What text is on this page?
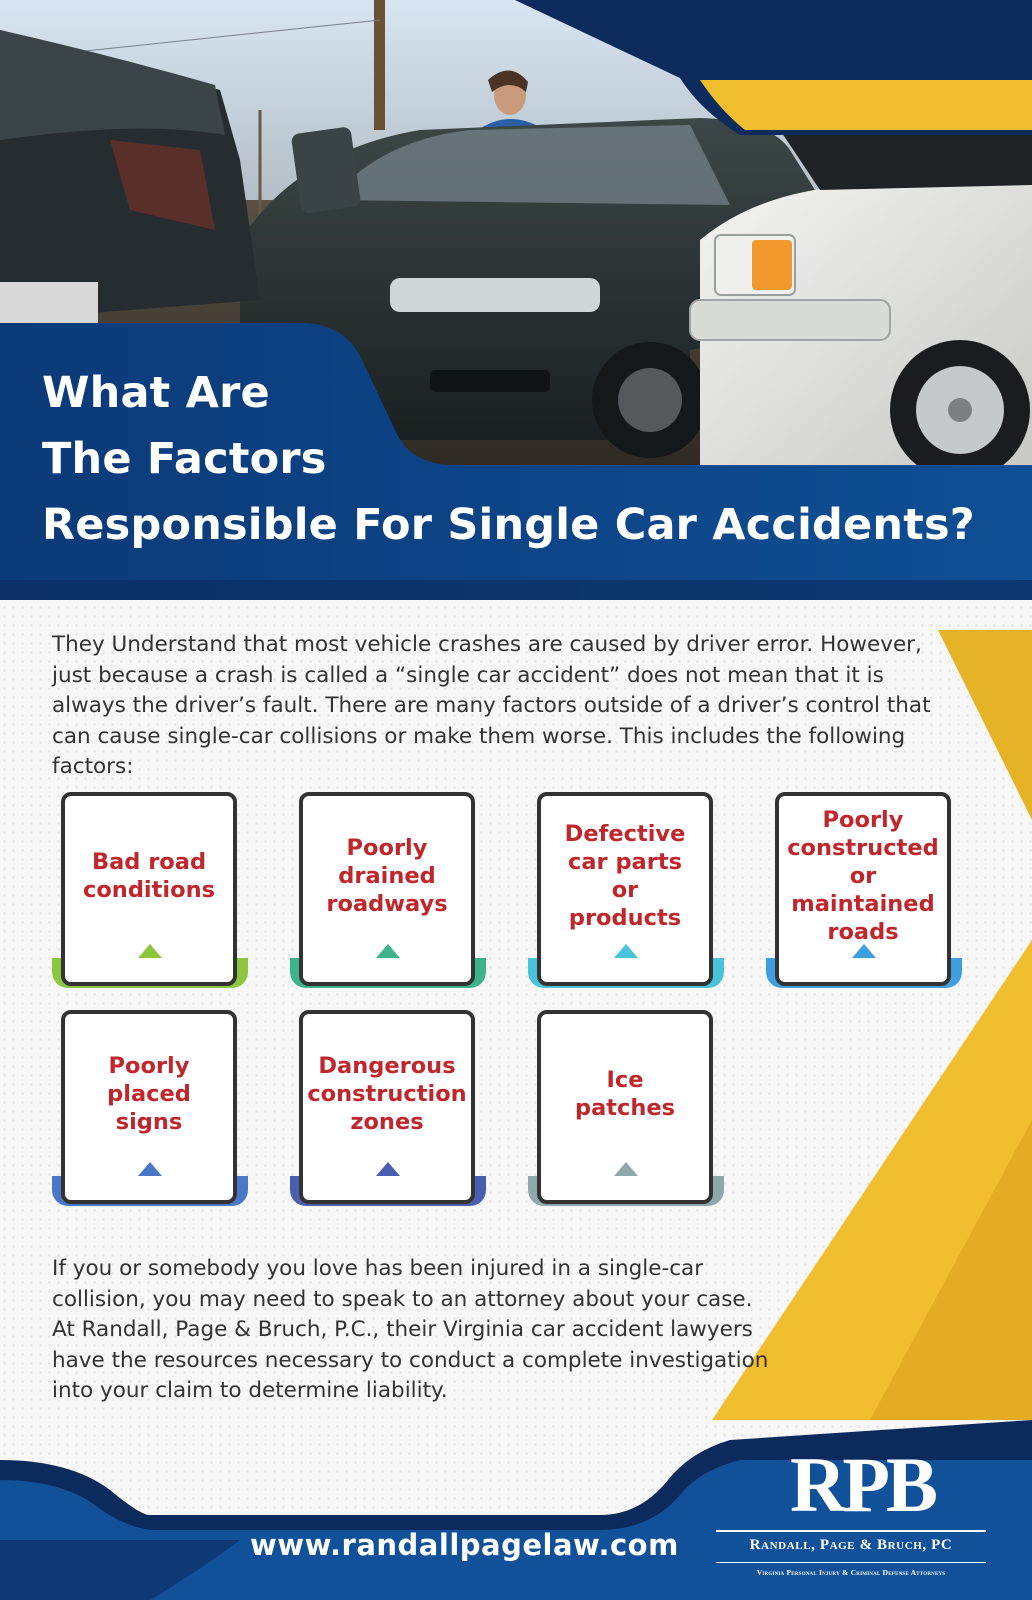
What Are
The Factors
Responsible For Single Car Accidents?

They Understand that most vehicle crashes are caused by driver error. However, just because a crash is called a “single car accident” does not mean that it is always the driver’s fault. There are many factors outside of a driver’s control that can cause single-car collisions or make them worse. This includes the following factors:

Bad road
conditions
Poorly
drained
roadways
Defective
car parts
or
products
Poorly
constructed
or
maintained
roads
Poorly
placed
signs
Dangerous
construction
zones
Ice
patches

If you or somebody you love has been injured in a single-car collision, you may need to speak to an attorney about your case. At Randall, Page & Bruch, P.C., their Virginia car accident lawyers have the resources necessary to conduct a complete investigation into your claim to determine liability.

www.randallpagelaw.com
RPB
Randall, Page & Bruch, PC
Virginia Personal Injury & Criminal Defense Attorneys
